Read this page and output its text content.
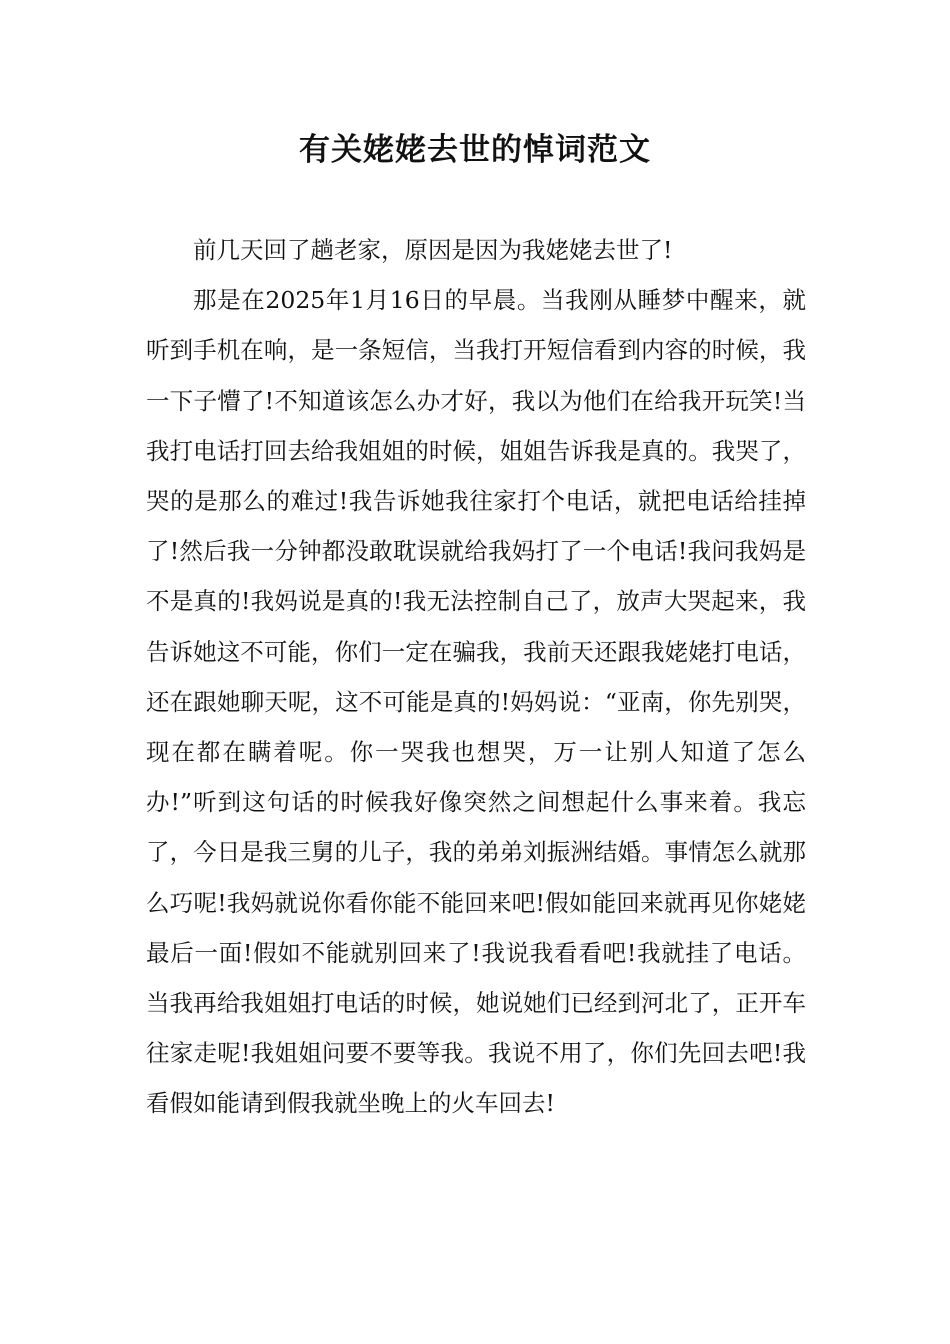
有关姥姥去世的悼词范文

前几天回了趟老家，原因是因为我姥姥去世了!

那是在2025年1月16日的早晨。当我刚从睡梦中醒来，就听到手机在响，是一条短信，当我打开短信看到内容的时候，我一下子懵了!不知道该怎么办才好，我以为他们在给我开玩笑!当我打电话打回去给我姐姐的时候，姐姐告诉我是真的。我哭了，哭的是那么的难过!我告诉她我往家打个电话，就把电话给挂掉了!然后我一分钟都没敢耽误就给我妈打了一个电话!我问我妈是不是真的!我妈说是真的!我无法控制自己了，放声大哭起来，我告诉她这不可能，你们一定在骗我，我前天还跟我姥姥打电话，还在跟她聊天呢，这不可能是真的!妈妈说：“亚南，你先别哭，现在都在瞒着呢。你一哭我也想哭，万一让别人知道了怎么办!”听到这句话的时候我好像突然之间想起什么事来着。我忘了，今日是我三舅的儿子，我的弟弟刘振洲结婚。事情怎么就那么巧呢!我妈就说你看你能不能回来吧!假如能回来就再见你姥姥最后一面!假如不能就别回来了!我说我看看吧!我就挂了电话。当我再给我姐姐打电话的时候，她说她们已经到河北了，正开车往家走呢!我姐姐问要不要等我。我说不用了，你们先回去吧!我看假如能请到假我就坐晚上的火车回去!
